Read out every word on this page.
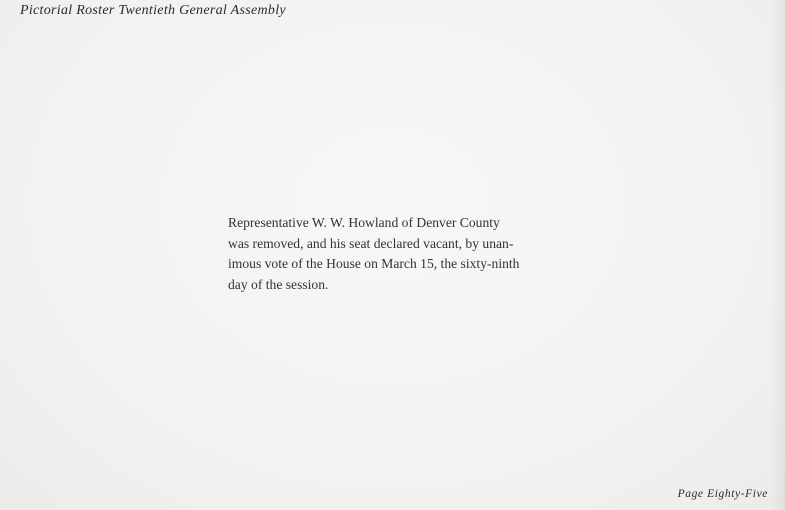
Pictorial Roster Twentieth General Assembly
Representative W. W. Howland of Denver County
was removed, and his seat declared vacant, by unan-
imous vote of the House on March 15, the sixty-ninth
day of the session.
Page Eighty-Five
